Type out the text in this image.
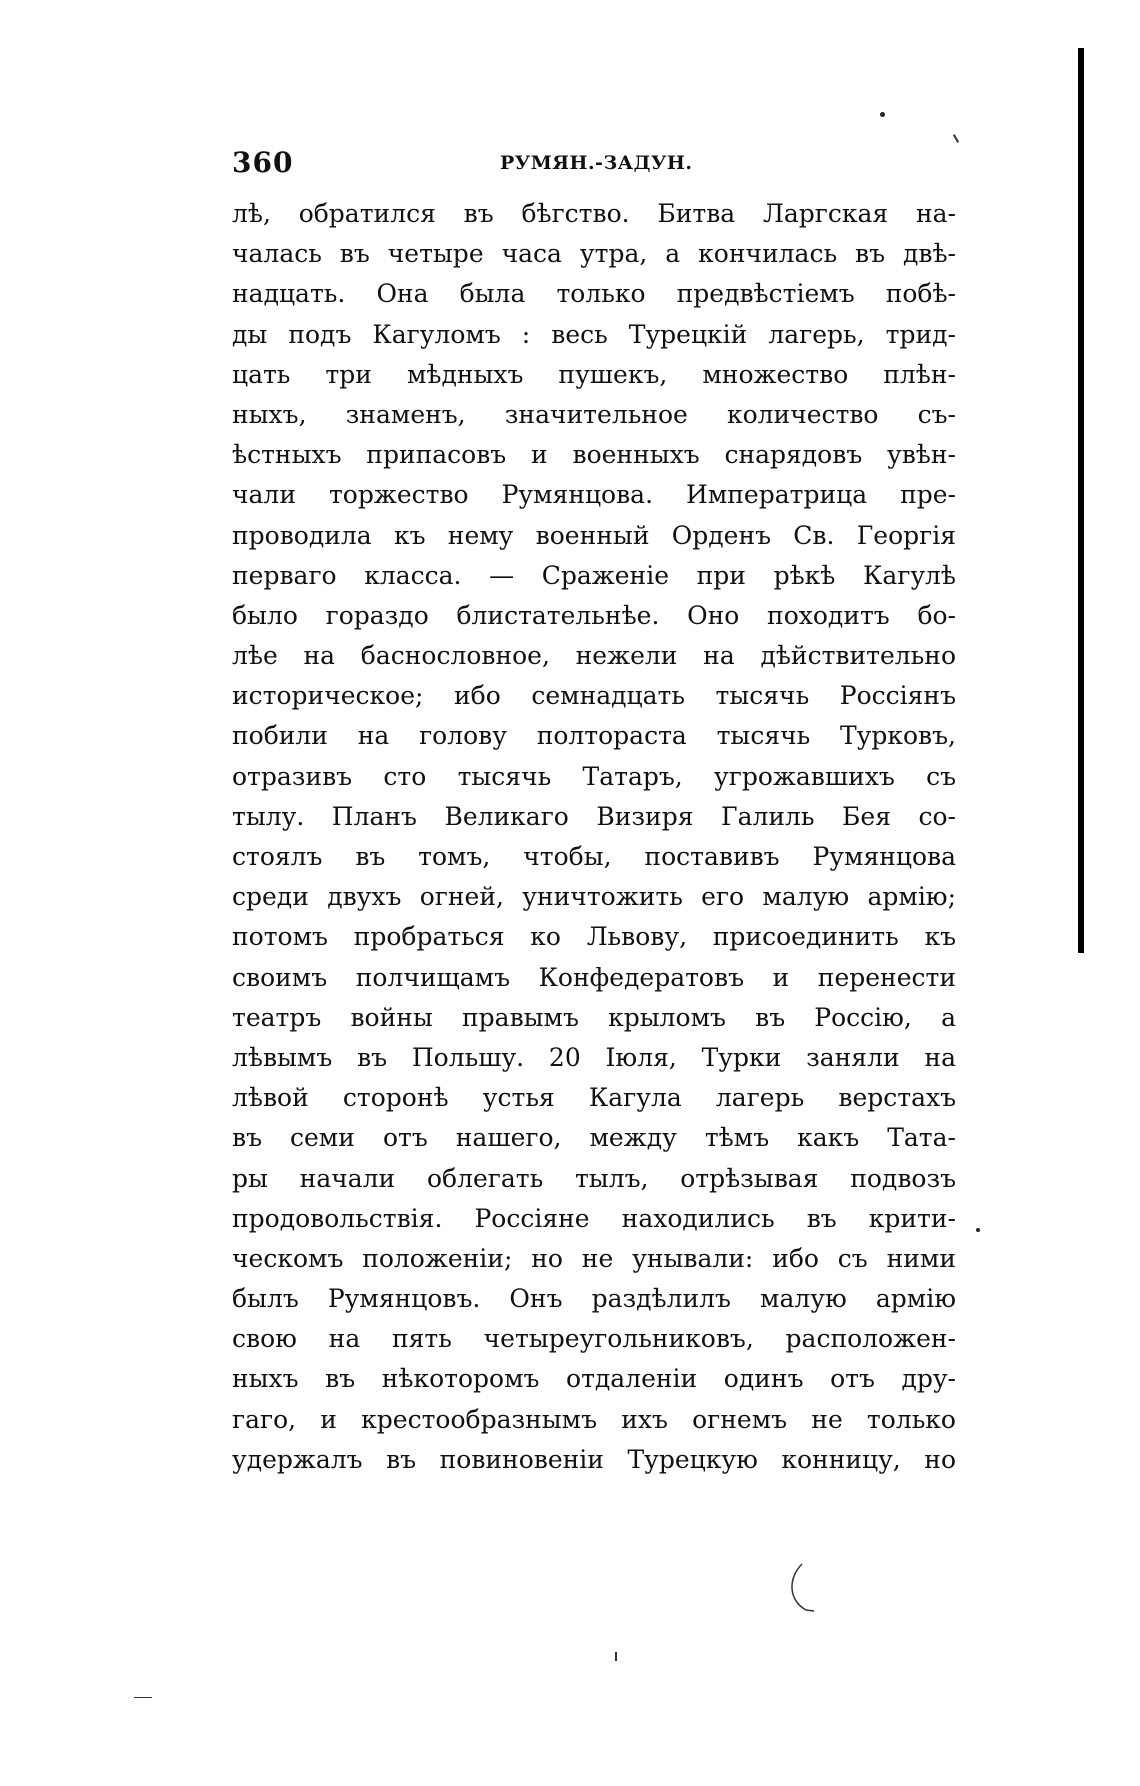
360	РУМЯН.-ЗАДУН.
лѣ, обратился въ бѣгство. Битва Ларгская на-
чалась въ четыре часа утра, а кончилась въ двѣ-
надцать. Она была только предвѣстіемъ побѣ-
ды подъ Кагуломъ : весь Турецкій лагерь, трид-
цать три мѣдныхъ пушекъ, множество плѣн-
ныхъ, знаменъ, значительное количество съ-
ѣстныхъ припасовъ и военныхъ снарядовъ увѣн-
чали торжество Румянцова. Императрица пре-
проводила къ нему военный Орденъ Св. Георгія
перваго класса. — Сраженіе при рѣкѣ Кагулѣ
было гораздо блистательнѣе. Оно походитъ бо-
лѣе на баснословное, нежели на дѣйствительно
историческое; ибо семнадцать тысячь Россіянъ
побили на голову полтораста тысячь Турковъ,
отразивъ сто тысячь Татаръ, угрожавшихъ съ
тылу. Планъ Великаго Визиря Галиль Бея со-
стоялъ въ томъ, чтобы, поставивъ Румянцова
среди двухъ огней, уничтожить его малую армію;
потомъ пробраться ко Львову, присоединить къ
своимъ полчищамъ Конфедератовъ и перенести
театръ войны правымъ крыломъ въ Россію, а
лѣвымъ въ Польшу. 20 Іюля, Турки заняли на
лѣвой сторонѣ устья Кагула лагерь верстахъ
въ семи отъ нашего, между тѣмъ какъ Тата-
ры начали облегать тылъ, отрѣзывая подвозъ
продовольствія. Россіяне находились въ крити-
ческомъ положеніи; но не унывали: ибо съ ними
былъ Румянцовъ. Онъ раздѣлилъ малую армію
свою на пять четыреугольниковъ, расположен-
ныхъ въ нѣкоторомъ отдаленіи одинъ отъ дру-
гаго, и крестообразнымъ ихъ огнемъ не только
удержалъ въ повиновеніи Турецкую конницу, но
